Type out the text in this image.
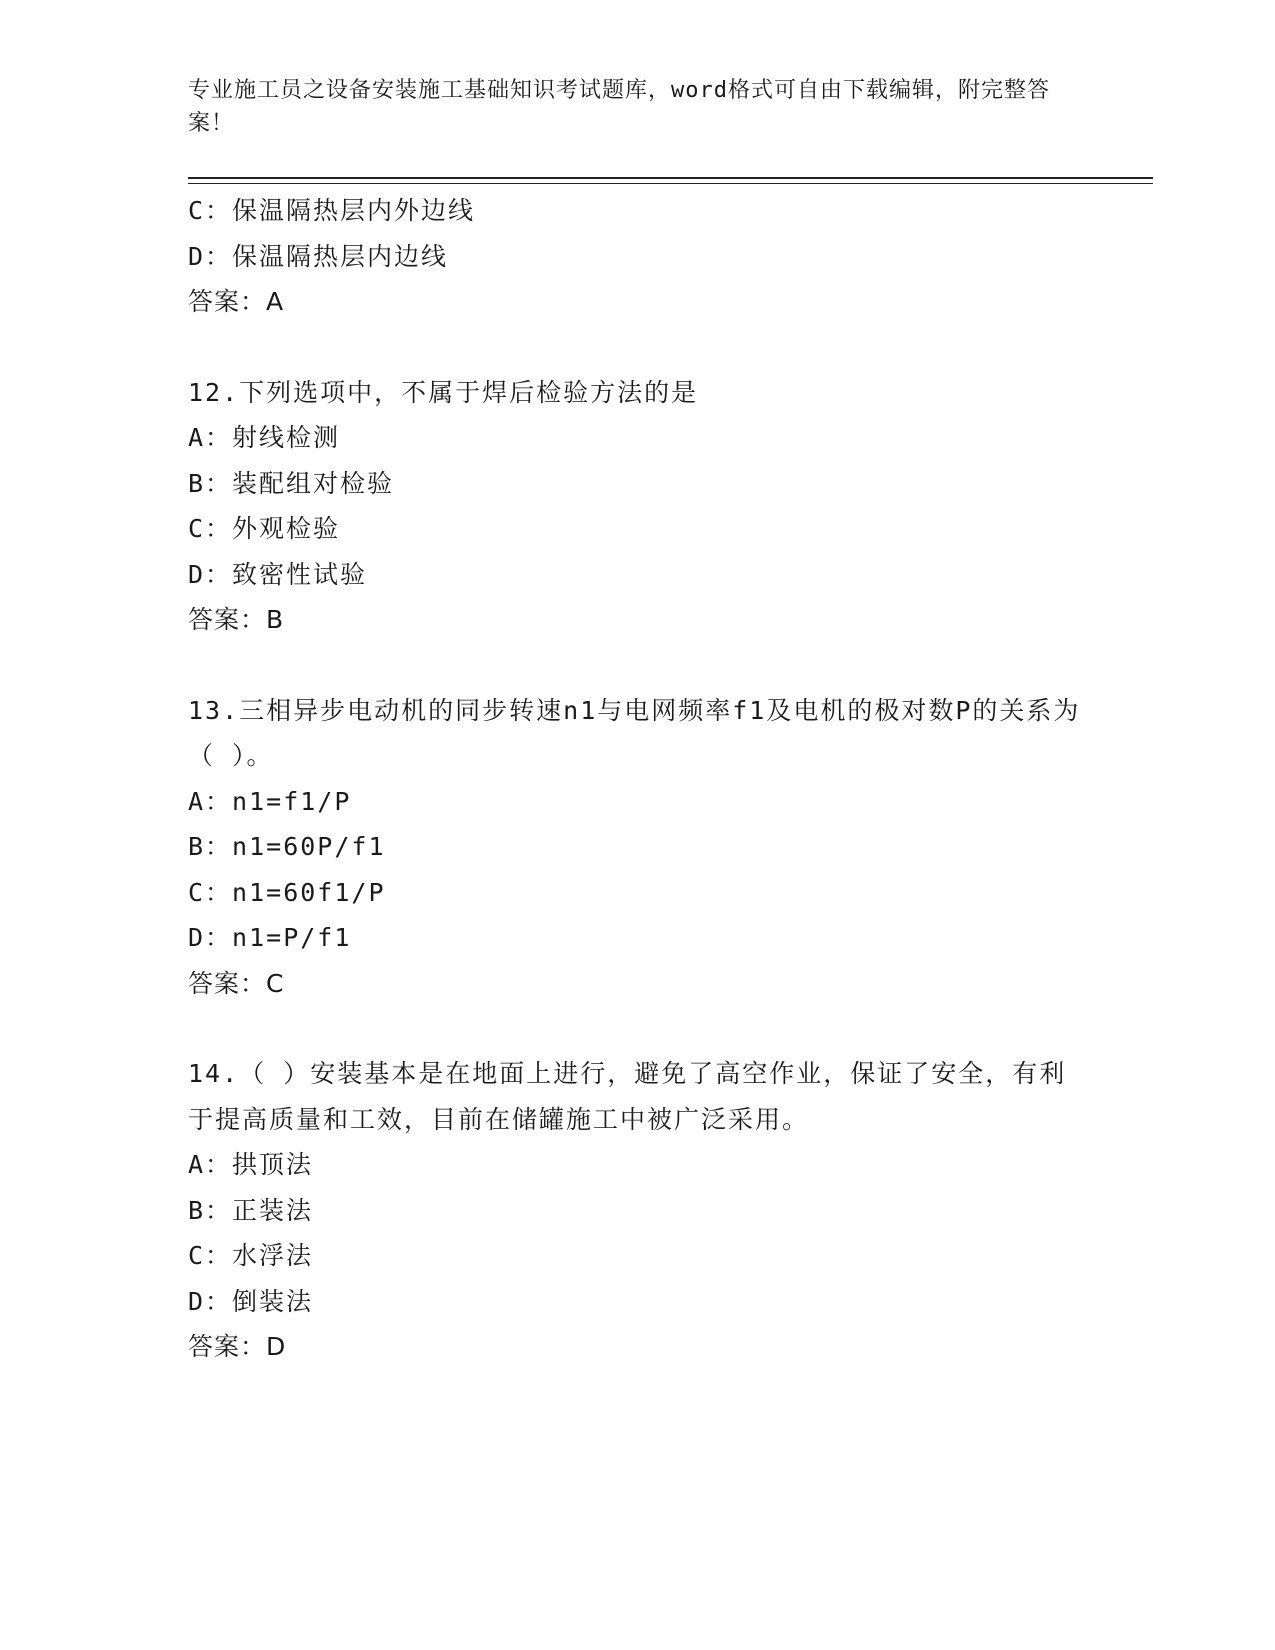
专业施工员之设备安装施工基础知识考试题库，word格式可自由下载编辑，附完整答案！
C：保温隔热层内外边线
D：保温隔热层内边线
答案：A
12.下列选项中，不属于焊后检验方法的是
A：射线检测
B：装配组对检验
C：外观检验
D：致密性试验
答案：B
13.三相异步电动机的同步转速n1与电网频率f1及电机的极对数P的关系为（ ）。
A：n1=f1/P
B：n1=60P/f1
C：n1=60f1/P
D：n1=P/f1
答案：C
14.（ ）安装基本是在地面上进行，避免了高空作业，保证了安全，有利于提高质量和工效，目前在储罐施工中被广泛采用。
A：拱顶法
B：正装法
C：水浮法
D：倒装法
答案：D
